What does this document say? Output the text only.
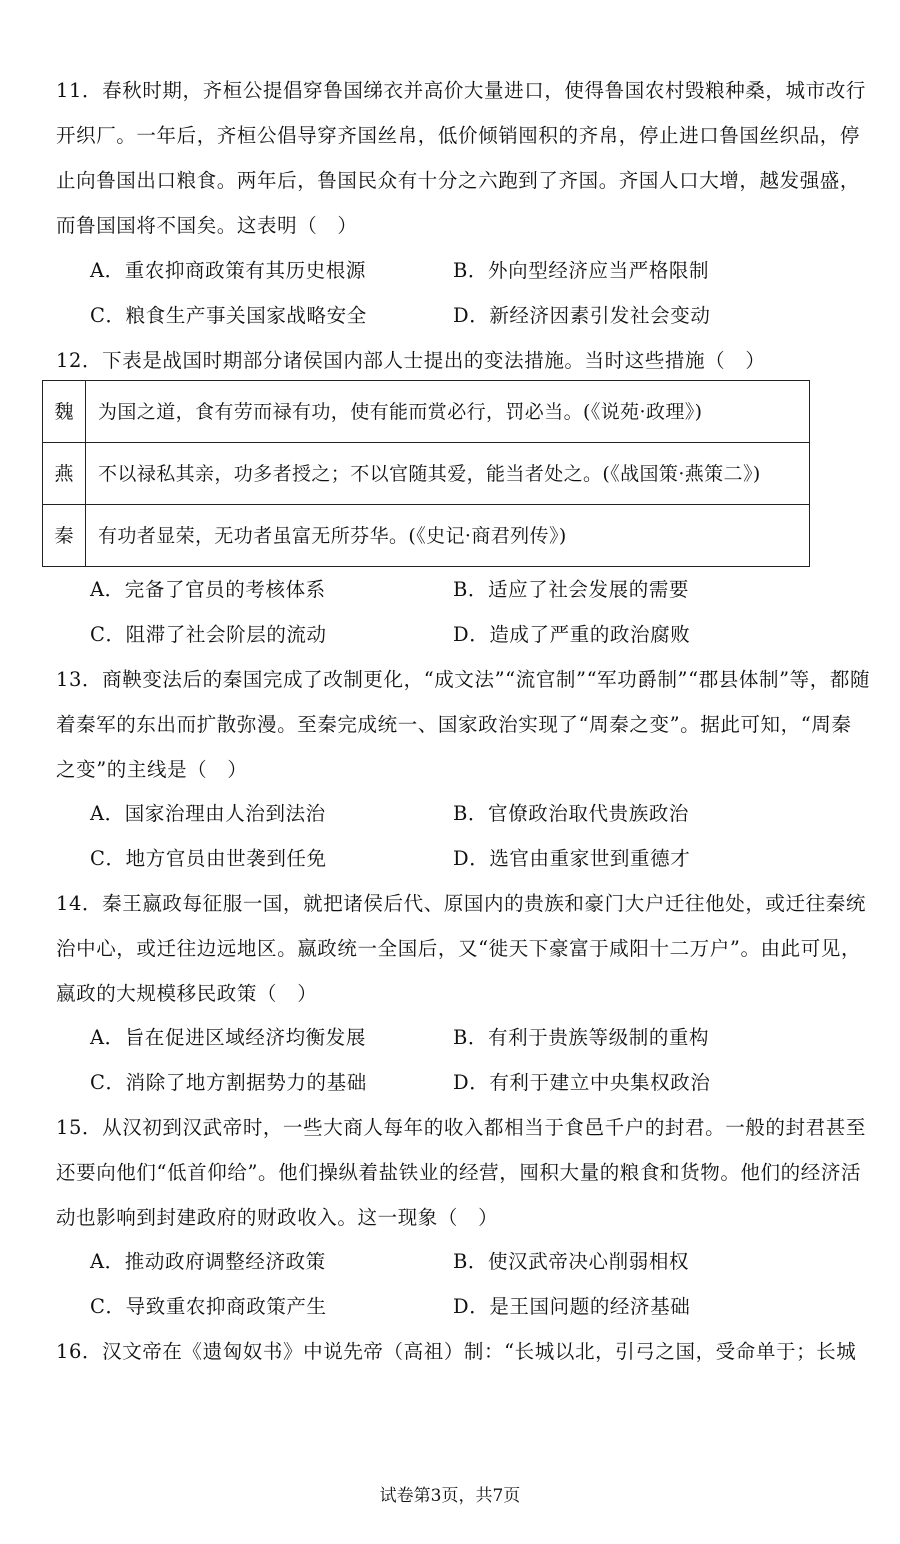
11．春秋时期，齐桓公提倡穿鲁国绨衣并高价大量进口，使得鲁国农村毁粮种桑，城市改行
开织厂。一年后，齐桓公倡导穿齐国丝帛，低价倾销囤积的齐帛，停止进口鲁国丝织品，停
止向鲁国出口粮食。两年后，鲁国民众有十分之六跑到了齐国。齐国人口大增，越发强盛，
而鲁国国将不国矣。这表明（　）
A．重农抑商政策有其历史根源	B．外向型经济应当严格限制
C．粮食生产事关国家战略安全	D．新经济因素引发社会变动
12．下表是战国时期部分诸侯国内部人士提出的变法措施。当时这些措施（　）
魏	为国之道，食有劳而禄有功，使有能而赏必行，罚必当。(《说苑·政理》)
燕	不以禄私其亲，功多者授之；不以官随其爱，能当者处之。(《战国策·燕策二》)
秦	有功者显荣，无功者虽富无所芬华。(《史记·商君列传》)
A．完备了官员的考核体系	B．适应了社会发展的需要
C．阻滞了社会阶层的流动	D．造成了严重的政治腐败
13．商鞅变法后的秦国完成了改制更化，“成文法”“流官制”“军功爵制”“郡县体制”等，都随
着秦军的东出而扩散弥漫。至秦完成统一、国家政治实现了“周秦之变”。据此可知，“周秦
之变”的主线是（　）
A．国家治理由人治到法治	B．官僚政治取代贵族政治
C．地方官员由世袭到任免	D．选官由重家世到重德才
14．秦王嬴政每征服一国，就把诸侯后代、原国内的贵族和豪门大户迁往他处，或迁往秦统
治中心，或迁往边远地区。嬴政统一全国后，又“徙天下豪富于咸阳十二万户”。由此可见，
嬴政的大规模移民政策（　）
A．旨在促进区域经济均衡发展	B．有利于贵族等级制的重构
C．消除了地方割据势力的基础	D．有利于建立中央集权政治
15．从汉初到汉武帝时，一些大商人每年的收入都相当于食邑千户的封君。一般的封君甚至
还要向他们“低首仰给”。他们操纵着盐铁业的经营，囤积大量的粮食和货物。他们的经济活
动也影响到封建政府的财政收入。这一现象（　）
A．推动政府调整经济政策	B．使汉武帝决心削弱相权
C．导致重农抑商政策产生	D．是王国问题的经济基础
16．汉文帝在《遗匈奴书》中说先帝（高祖）制：“长城以北，引弓之国，受命单于；长城
试卷第3页，共7页
